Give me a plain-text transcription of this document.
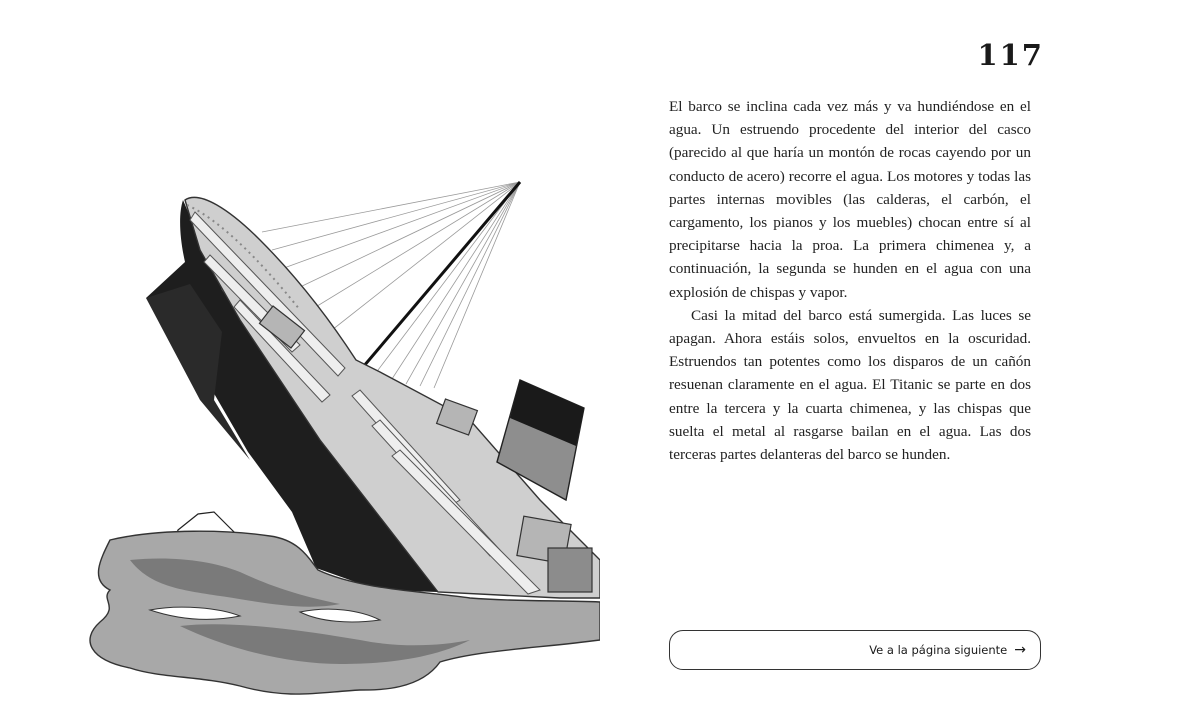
117

El barco se inclina cada vez más y va hundiéndose en el agua. Un estruendo procedente del interior del casco (parecido al que haría un montón de rocas cayendo por un conducto de acero) recorre el agua. Los motores y todas las partes internas movibles (las calderas, el carbón, el cargamento, los pianos y los muebles) chocan entre sí al precipitarse hacia la proa. La primera chimenea y, a continuación, la segunda se hunden en el agua con una explosión de chispas y vapor.

Casi la mitad del barco está sumergida. Las luces se apagan. Ahora estáis solos, envueltos en la oscuridad. Estruendos tan potentes como los disparos de un cañón resuenan claramente en el agua. El Titanic se parte en dos entre la tercera y la cuarta chimenea, y las chispas que suelta el metal al rasgarse bailan en el agua. Las dos terceras partes delanteras del barco se hunden.

Ve a la página siguiente →
